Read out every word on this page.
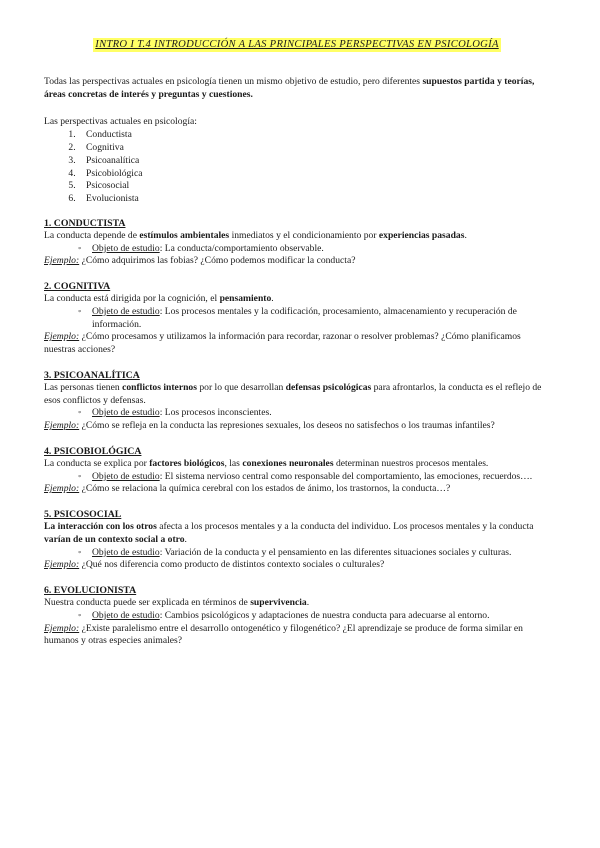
INTRO I T.4 INTRODUCCIÓN A LAS PRINCIPALES PERSPECTIVAS EN PSICOLOGÍA

Todas las perspectivas actuales en psicología tienen un mismo objetivo de estudio, pero diferentes supuestos partida y teorías, áreas concretas de interés y preguntas y cuestiones.

Las perspectivas actuales en psicología:

1. Conductista
2. Cognitiva
3. Psicoanalítica
4. Psicobiológica
5. Psicosocial
6. Evolucionista
1. CONDUCTISTA

La conducta depende de estímulos ambientales inmediatos y el condicionamiento por experiencias pasadas.

◦ Objeto de estudio: La conducta/comportamiento observable.

Ejemplo: ¿Cómo adquirimos las fobias? ¿Cómo podemos modificar la conducta?

2. COGNITIVA

La conducta está dirigida por la cognición, el pensamiento.

◦ Objeto de estudio: Los procesos mentales y la codificación, procesamiento, almacenamiento y recuperación de información.

Ejemplo: ¿Cómo procesamos y utilizamos la información para recordar, razonar o resolver problemas? ¿Cómo planificamos nuestras acciones?

3. PSICOANALÍTICA

Las personas tienen conflictos internos por lo que desarrollan defensas psicológicas para afrontarlos, la conducta es el reflejo de esos conflictos y defensas.

◦ Objeto de estudio: Los procesos inconscientes.

Ejemplo: ¿Cómo se refleja en la conducta las represiones sexuales, los deseos no satisfechos o los traumas infantiles?

4. PSICOBIOLÓGICA

La conducta se explica por factores biológicos, las conexiones neuronales determinan nuestros procesos mentales.

◦ Objeto de estudio: El sistema nervioso central como responsable del comportamiento, las emociones, recuerdos….

Ejemplo: ¿Cómo se relaciona la química cerebral con los estados de ánimo, los trastornos, la conducta…?

5. PSICOSOCIAL

La interacción con los otros afecta a los procesos mentales y a la conducta del individuo. Los procesos mentales y la conducta varían de un contexto social a otro.

◦ Objeto de estudio: Variación de la conducta y el pensamiento en las diferentes situaciones sociales y culturas.

Ejemplo: ¿Qué nos diferencia como producto de distintos contexto sociales o culturales?

6. EVOLUCIONISTA

Nuestra conducta puede ser explicada en términos de supervivencia.

◦ Objeto de estudio: Cambios psicológicos y adaptaciones de nuestra conducta para adecuarse al entorno.

Ejemplo: ¿Existe paralelismo entre el desarrollo ontogenético y filogenético? ¿El aprendizaje se produce de forma similar en humanos y otras especies animales?
